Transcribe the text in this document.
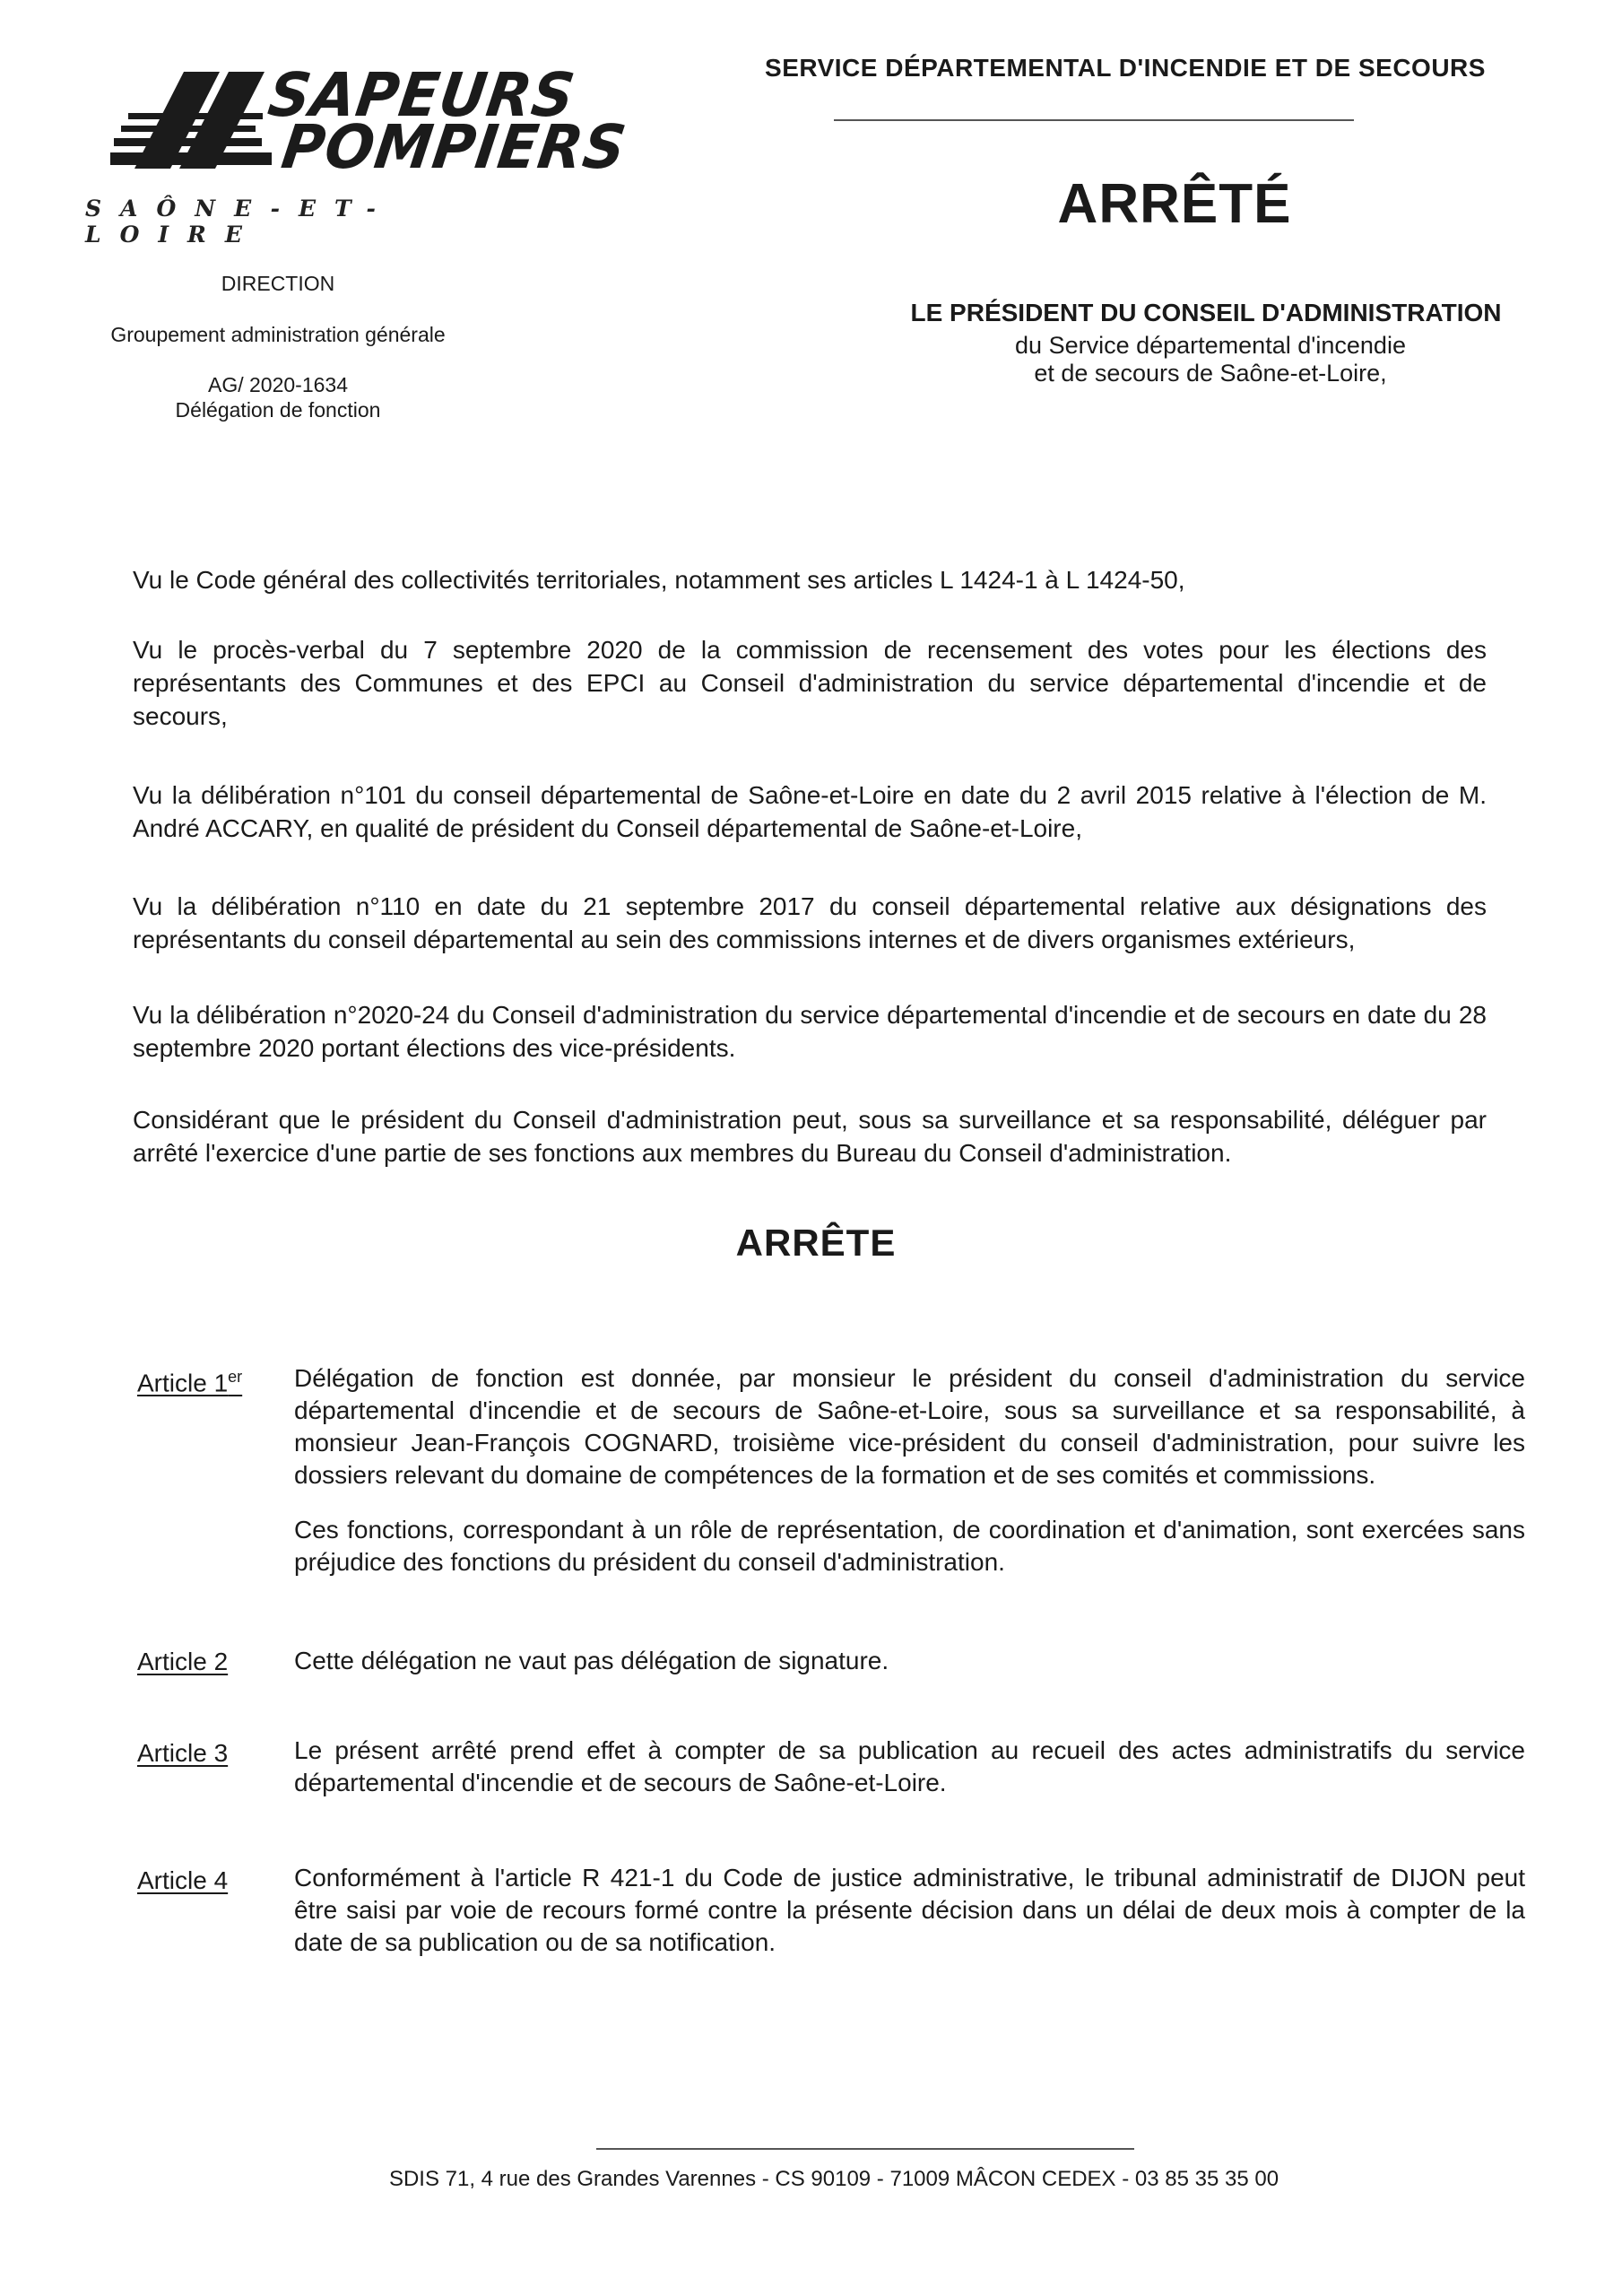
SAPEURS
POMPIERS
SAÔNE-ET-LOIRE
SERVICE DÉPARTEMENTAL D'INCENDIE ET DE SECOURS
ARRÊTÉ
DIRECTION
Groupement administration générale
AG/ 2020-1634
Délégation de fonction
LE PRÉSIDENT DU CONSEIL D'ADMINISTRATION
du Service départemental d'incendie
et de secours de Saône-et-Loire,
Vu le Code général des collectivités territoriales, notamment ses articles L 1424-1 à L 1424-50,
Vu le procès-verbal du 7 septembre 2020 de la commission de recensement des votes pour les élections des représentants des Communes et des EPCI au Conseil d'administration du service départemental d'incendie et de secours,
Vu la délibération n°101 du conseil départemental de Saône-et-Loire en date du 2 avril 2015 relative à l'élection de M. André ACCARY, en qualité de président du Conseil départemental de Saône-et-Loire,
Vu la délibération n°110 en date du 21 septembre 2017 du conseil départemental relative aux désignations des représentants du conseil départemental au sein des commissions internes et de divers organismes extérieurs,
Vu la délibération n°2020-24 du Conseil d'administration du service départemental d'incendie et de secours en date du 28 septembre 2020 portant élections des vice-présidents.
Considérant que le président du Conseil d'administration peut, sous sa surveillance et sa responsabilité, déléguer par arrêté l'exercice d'une partie de ses fonctions aux membres du Bureau du Conseil d'administration.
ARRÊTE
Article 1er Délégation de fonction est donnée, par monsieur le président du conseil d'administration du service départemental d'incendie et de secours de Saône-et-Loire, sous sa surveillance et sa responsabilité, à monsieur Jean-François COGNARD, troisième vice-président du conseil d'administration, pour suivre les dossiers relevant du domaine de compétences de la formation et de ses comités et commissions.
Ces fonctions, correspondant à un rôle de représentation, de coordination et d'animation, sont exercées sans préjudice des fonctions du président du conseil d'administration.
Article 2	Cette délégation ne vaut pas délégation de signature.
Article 3	Le présent arrêté prend effet à compter de sa publication au recueil des actes administratifs du service départemental d'incendie et de secours de Saône-et-Loire.
Article 4	Conformément à l'article R 421-1 du Code de justice administrative, le tribunal administratif de DIJON peut être saisi par voie de recours formé contre la présente décision dans un délai de deux mois à compter de la date de sa publication ou de sa notification.
SDIS 71, 4 rue des Grandes Varennes - CS 90109 - 71009 MÂCON CEDEX - 03 85 35 35 00
